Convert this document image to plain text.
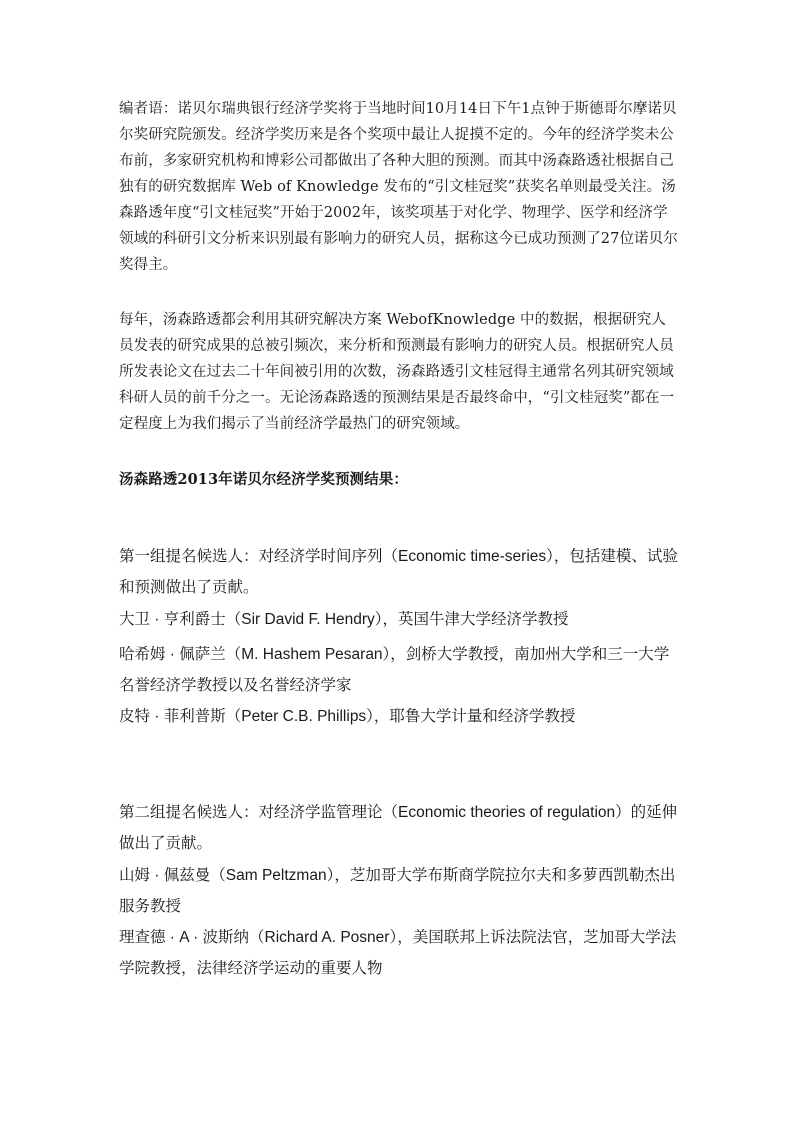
编者语：诺贝尔瑞典银行经济学奖将于当地时间10月14日下午1点钟于斯德哥尔摩诺贝尔奖研究院颁发。经济学奖历来是各个奖项中最让人捉摸不定的。今年的经济学奖未公布前，多家研究机构和博彩公司都做出了各种大胆的预测。而其中汤森路透社根据自己独有的研究数据库 Web of Knowledge 发布的“引文桂冠奖”获奖名单则最受关注。汤森路透年度“引文桂冠奖”开始于2002年，该奖项基于对化学、物理学、医学和经济学领域的科研引文分析来识别最有影响力的研究人员，据称这今已成功预测了27位诺贝尔奖得主。

每年，汤森路透都会利用其研究解决方案 WebofKnowledge 中的数据，根据研究人员发表的研究成果的总被引频次，来分析和预测最有影响力的研究人员。根据研究人员所发表论文在过去二十年间被引用的次数，汤森路透引文桂冠得主通常名列其研究领域科研人员的前千分之一。无论汤森路透的预测结果是否最终命中，“引文桂冠奖”都在一定程度上为我们揭示了当前经济学最热门的研究领域。

汤森路透2013年诺贝尔经济学奖预测结果：

第一组提名候选人：对经济学时间序列（Economic time-series），包括建模、试验和预测做出了贡献。

大卫 · 亨利爵士（Sir David F. Hendry），英国牛津大学经济学教授
哈希姆 · 佩萨兰（M. Hashem Pesaran），剑桥大学教授，南加州大学和三一大学名誉经济学教授以及名誉经济学家
皮特 · 菲利普斯（Peter C.B. Phillips），耶鲁大学计量和经济学教授

第二组提名候选人：对经济学监管理论（Economic theories of regulation）的延伸做出了贡献。

山姆 · 佩兹曼（Sam Peltzman），芝加哥大学布斯商学院拉尔夫和多萝西凯勒杰出服务教授
理查德 · A · 波斯纳（Richard A. Posner），美国联邦上诉法院法官，芝加哥大学法学院教授，法律经济学运动的重要人物
